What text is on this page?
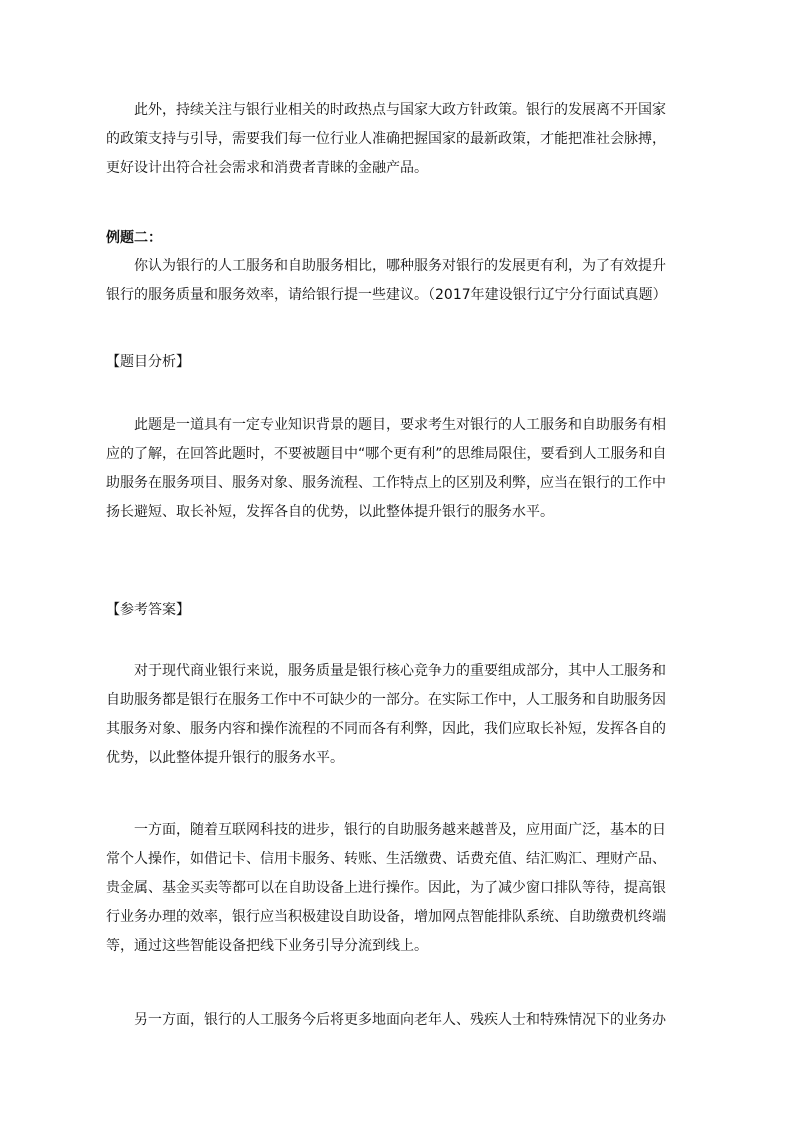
此外，持续关注与银行业相关的时政热点与国家大政方针政策。银行的发展离不开国家
的政策支持与引导，需要我们每一位行业人准确把握国家的最新政策，才能把准社会脉搏，
更好设计出符合社会需求和消费者青睐的金融产品。
例题二：
你认为银行的人工服务和自助服务相比，哪种服务对银行的发展更有利，为了有效提升
银行的服务质量和服务效率，请给银行提一些建议。（2017年建设银行辽宁分行面试真题）
【题目分析】
此题是一道具有一定专业知识背景的题目，要求考生对银行的人工服务和自助服务有相
应的了解，在回答此题时，不要被题目中“哪个更有利”的思维局限住，要看到人工服务和自
助服务在服务项目、服务对象、服务流程、工作特点上的区别及利弊，应当在银行的工作中
扬长避短、取长补短，发挥各自的优势，以此整体提升银行的服务水平。
【参考答案】
对于现代商业银行来说，服务质量是银行核心竞争力的重要组成部分，其中人工服务和
自助服务都是银行在服务工作中不可缺少的一部分。在实际工作中，人工服务和自助服务因
其服务对象、服务内容和操作流程的不同而各有利弊，因此，我们应取长补短，发挥各自的
优势，以此整体提升银行的服务水平。
一方面，随着互联网科技的进步，银行的自助服务越来越普及，应用面广泛，基本的日
常个人操作，如借记卡、信用卡服务、转账、生活缴费、话费充值、结汇购汇、理财产品、
贵金属、基金买卖等都可以在自助设备上进行操作。因此，为了减少窗口排队等待，提高银
行业务办理的效率，银行应当积极建设自助设备，增加网点智能排队系统、自助缴费机终端
等，通过这些智能设备把线下业务引导分流到线上。
另一方面，银行的人工服务今后将更多地面向老年人、残疾人士和特殊情况下的业务办
